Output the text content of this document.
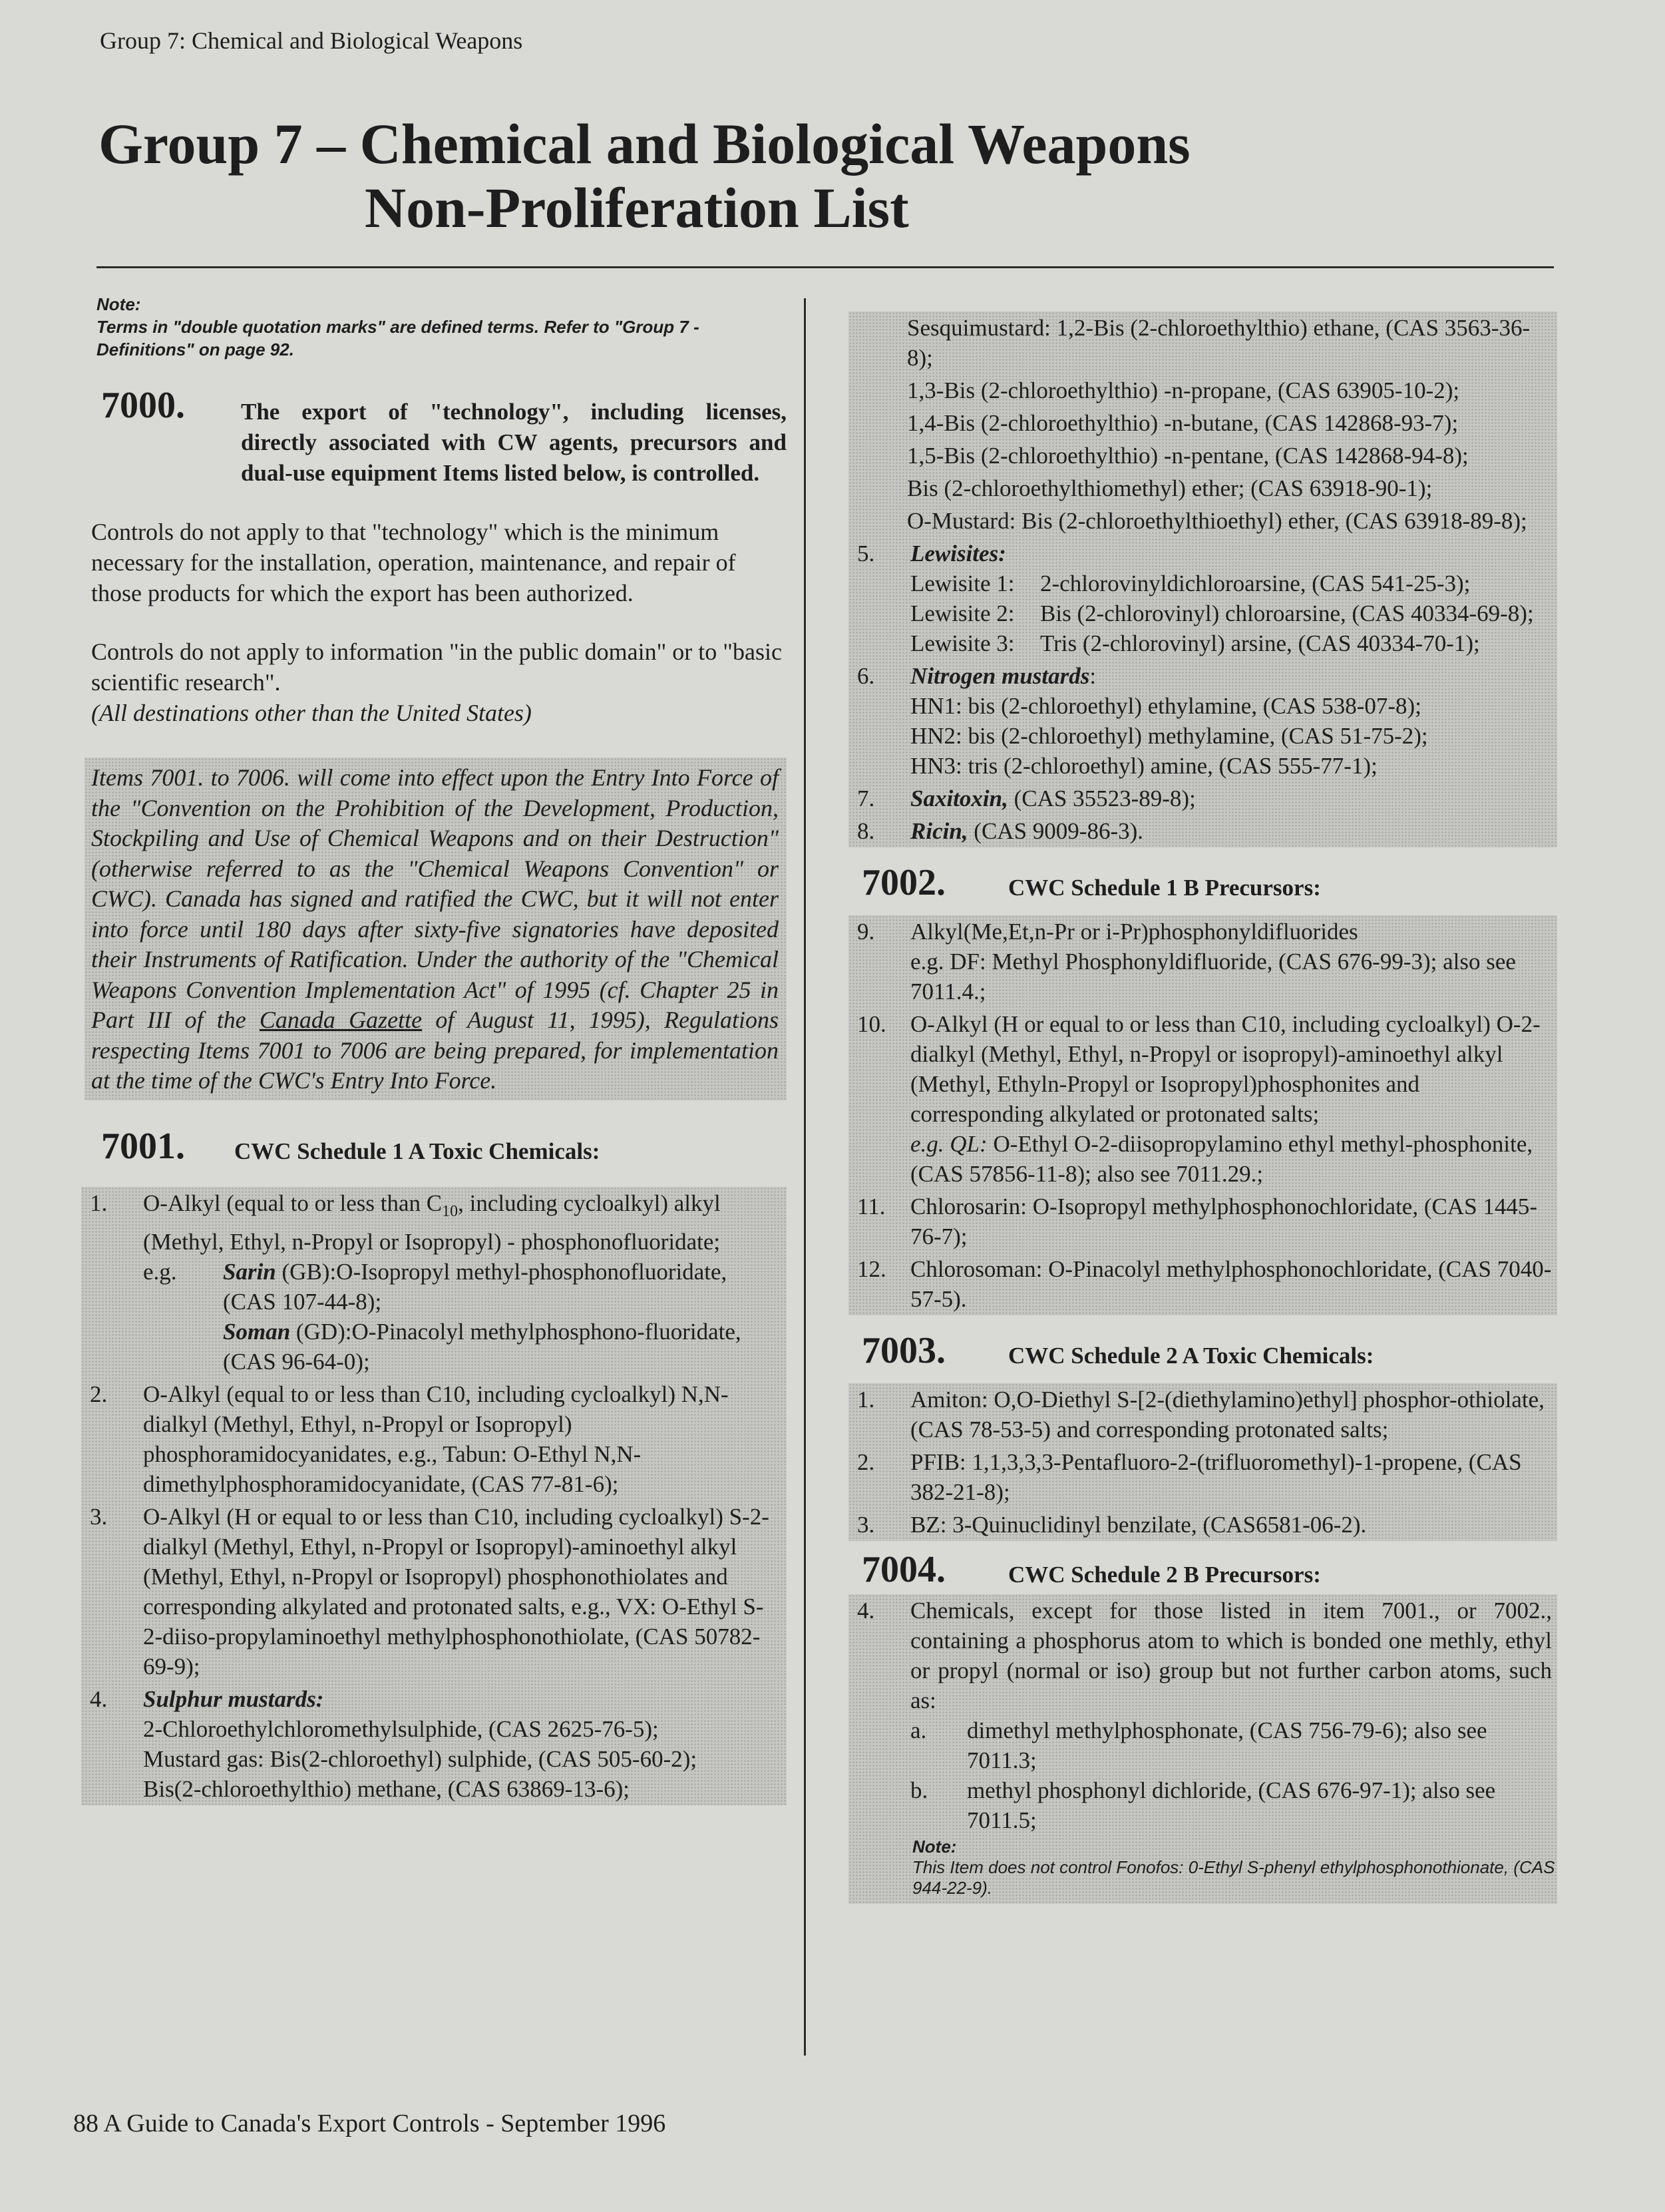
Group 7: Chemical and Biological Weapons
Group 7 – Chemical and Biological Weapons
Non-Proliferation List
Note:
Terms in "double quotation marks" are defined terms. Refer to "Group 7 - Definitions" on page 92.
7000.	The export of "technology", including licenses, directly associated with CW agents, precursors and dual-use equipment Items listed below, is controlled.

Controls do not apply to that "technology" which is the minimum necessary for the installation, operation, maintenance, and repair of those products for which the export has been authorized.

Controls do not apply to information "in the public domain" or to "basic scientific research".

(All destinations other than the United States)

Items 7001. to 7006. will come into effect upon the Entry Into Force of the "Convention on the Prohibition of the Development, Production, Stockpiling and Use of Chemical Weapons and on their Destruction" (otherwise referred to as the "Chemical Weapons Convention" or CWC). Canada has signed and ratified the CWC, but it will not enter into force until 180 days after sixty-five signatories have deposited their Instruments of Ratification. Under the authority of the "Chemical Weapons Convention Implementation Act" of 1995 (cf. Chapter 25 in Part III of the Canada Gazette of August 11, 1995), Regulations respecting Items 7001 to 7006 are being prepared, for implementation at the time of the CWC's Entry Into Force.
7001.	CWC Schedule 1 A Toxic Chemicals:
1.	O-Alkyl (equal to or less than $C_{10}$, including cycloalkyl) alkyl (Methyl, Ethyl, n-Propyl or Isopropyl) - phosphonofluoridate;
e.g.	Sarin (GB):O-Isopropyl methyl-phosphonofluoridate, (CAS 107-44-8);
Soman (GD):O-Pinacolyl methylphosphono-fluoridate, (CAS 96-64-0);
2.	O-Alkyl (equal to or less than C10, including cycloalkyl) N,N-dialkyl (Methyl, Ethyl, n-Propyl or Isopropyl) phosphoramidocyanidates, e.g., Tabun: O-Ethyl N,N-dimethylphosphoramidocyanidate, (CAS 77-81-6);
3.	O-Alkyl (H or equal to or less than C10, including cycloalkyl) S-2-dialkyl (Methyl, Ethyl, n-Propyl or Isopropyl)-aminoethyl alkyl (Methyl, Ethyl, n-Propyl or Isopropyl) phosphonothiolates and corresponding alkylated and protonated salts, e.g., VX: O-Ethyl S-2-diiso-propylaminoethyl methylphosphonothiolate, (CAS 50782-69-9);
4.	Sulphur mustards:
2-Chloroethylchloromethylsulphide, (CAS 2625-76-5);
Mustard gas: Bis(2-chloroethyl) sulphide, (CAS 505-60-2);
Bis(2-chloroethylthio) methane, (CAS 63869-13-6);
Sesquimustard: 1,2-Bis (2-chloroethylthio) ethane, (CAS 3563-36-8);
1,3-Bis (2-chloroethylthio) -n-propane, (CAS 63905-10-2);
1,4-Bis (2-chloroethylthio) -n-butane, (CAS 142868-93-7);
1,5-Bis (2-chloroethylthio) -n-pentane, (CAS 142868-94-8);
Bis (2-chloroethylthiomethyl) ether; (CAS 63918-90-1);
O-Mustard: Bis (2-chloroethylthioethyl) ether, (CAS 63918-89-8);
5.	Lewisites:
Lewisite 1:	2-chlorovinyldichloroarsine, (CAS 541-25-3);
Lewisite 2:	Bis (2-chlorovinyl) chloroarsine, (CAS 40334-69-8);
Lewisite 3:	Tris (2-chlorovinyl) arsine, (CAS 40334-70-1);
6.	Nitrogen mustards:
HN1: bis (2-chloroethyl) ethylamine, (CAS 538-07-8);
HN2: bis (2-chloroethyl) methylamine, (CAS 51-75-2);
HN3: tris (2-chloroethyl) amine, (CAS 555-77-1);
7.	Saxitoxin, (CAS 35523-89-8);
8.	Ricin, (CAS 9009-86-3).
7002.	CWC Schedule 1 B Precursors:
9.	Alkyl(Me,Et,n-Pr or i-Pr)phosphonyldifluorides
e.g. DF: Methyl Phosphonyldifluoride, (CAS 676-99-3); also see 7011.4.;
10.	O-Alkyl (H or equal to or less than C10, including cycloalkyl) O-2-dialkyl (Methyl, Ethyl, n-Propyl or isopropyl)-aminoethyl alkyl (Methyl, Ethyln-Propyl or Isopropyl)phosphonites and corresponding alkylated or protonated salts;
e.g. QL: O-Ethyl O-2-diisopropylamino ethyl methyl-phosphonite, (CAS 57856-11-8); also see 7011.29.;
11.	Chlorosarin: O-Isopropyl methylphosphonochloridate, (CAS 1445-76-7);
12.	Chlorosoman: O-Pinacolyl methylphosphonochloridate, (CAS 7040-57-5).
7003.	CWC Schedule 2 A Toxic Chemicals:
1.	Amiton: O,O-Diethyl S-[2-(diethylamino)ethyl] phosphor-othiolate, (CAS 78-53-5) and corresponding protonated salts;
2.	PFIB: 1,1,3,3,3-Pentafluoro-2-(trifluoromethyl)-1-propene, (CAS 382-21-8);
3.	BZ: 3-Quinuclidinyl benzilate, (CAS6581-06-2).
7004.	CWC Schedule 2 B Precursors:
4.	Chemicals, except for those listed in item 7001., or 7002., containing a phosphorus atom to which is bonded one methly, ethyl or propyl (normal or iso) group but not further carbon atoms, such as:
a.	dimethyl methylphosphonate, (CAS 756-79-6); also see 7011.3;
b.	methyl phosphonyl dichloride, (CAS 676-97-1); also see 7011.5;
Note:
This Item does not control Fonofos: 0-Ethyl S-phenyl ethylphosphonothionate, (CAS 944-22-9).
88 A Guide to Canada's Export Controls - September 1996
